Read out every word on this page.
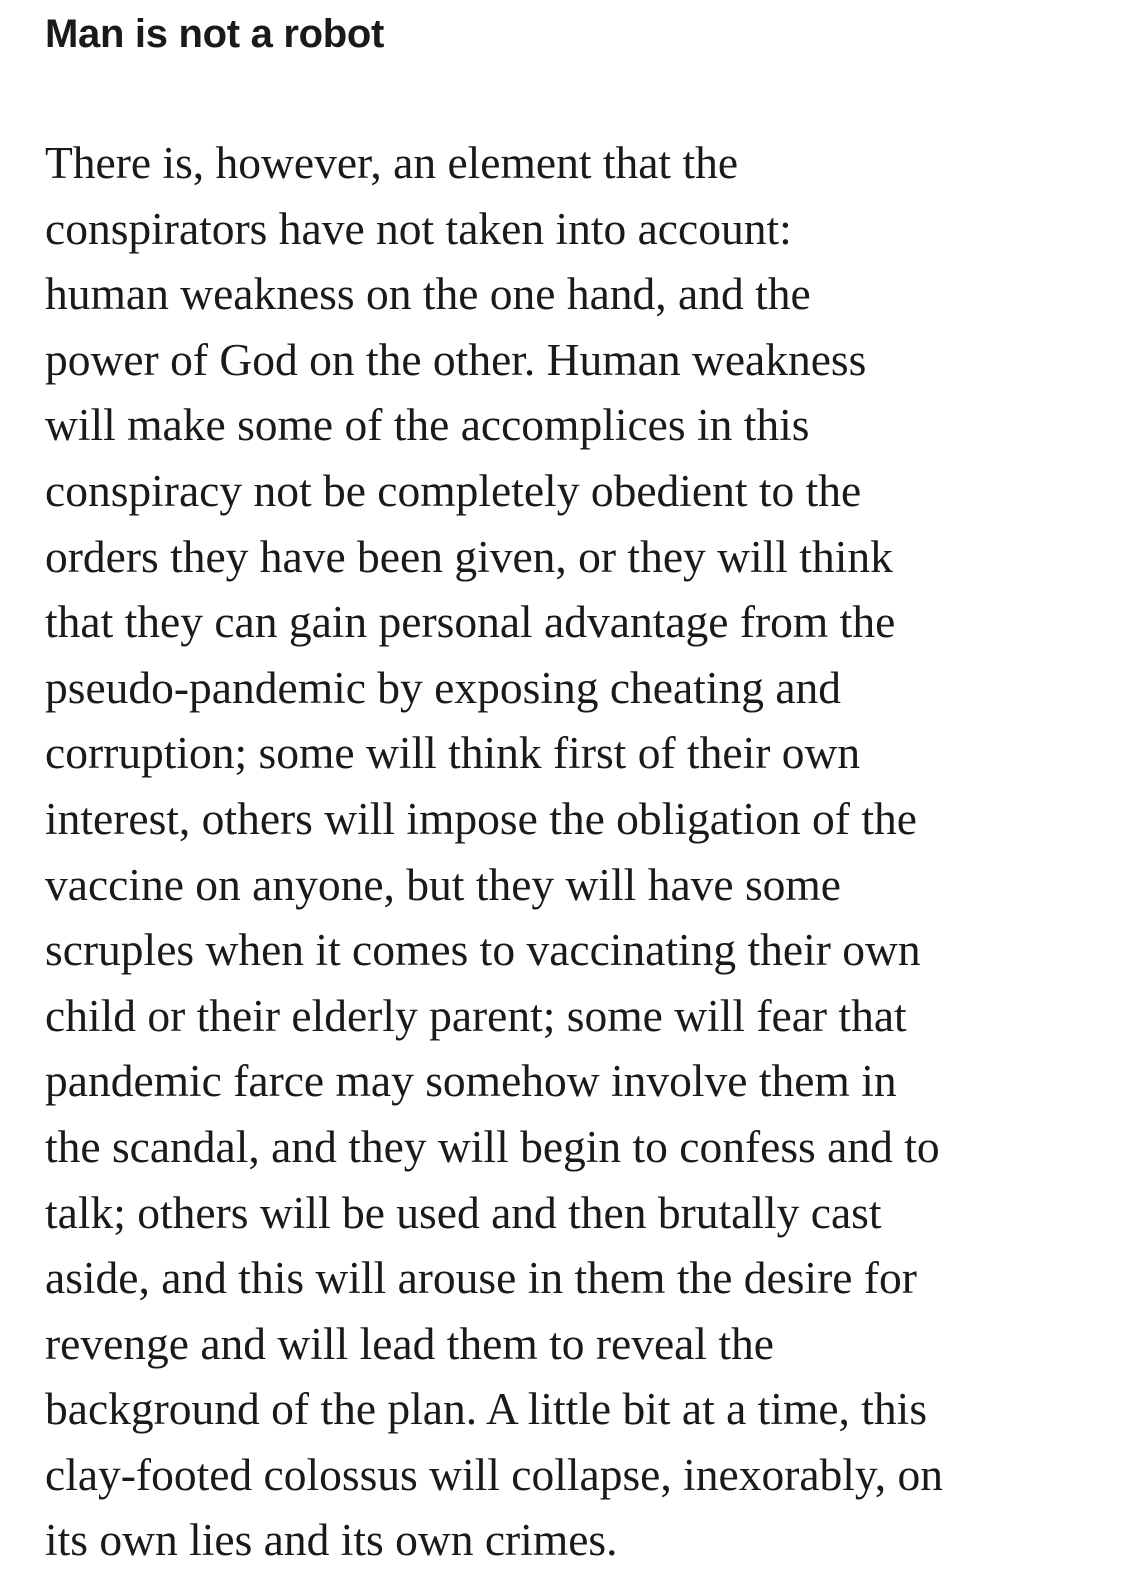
Man is not a robot

There is, however, an element that the
conspirators have not taken into account:
human weakness on the one hand, and the
power of God on the other. Human weakness
will make some of the accomplices in this
conspiracy not be completely obedient to the
orders they have been given, or they will think
that they can gain personal advantage from the
pseudo-pandemic by exposing cheating and
corruption; some will think first of their own
interest, others will impose the obligation of the
vaccine on anyone, but they will have some
scruples when it comes to vaccinating their own
child or their elderly parent; some will fear that
pandemic farce may somehow involve them in
the scandal, and they will begin to confess and to
talk; others will be used and then brutally cast
aside, and this will arouse in them the desire for
revenge and will lead them to reveal the
background of the plan. A little bit at a time, this
clay-footed colossus will collapse, inexorably, on
its own lies and its own crimes.
